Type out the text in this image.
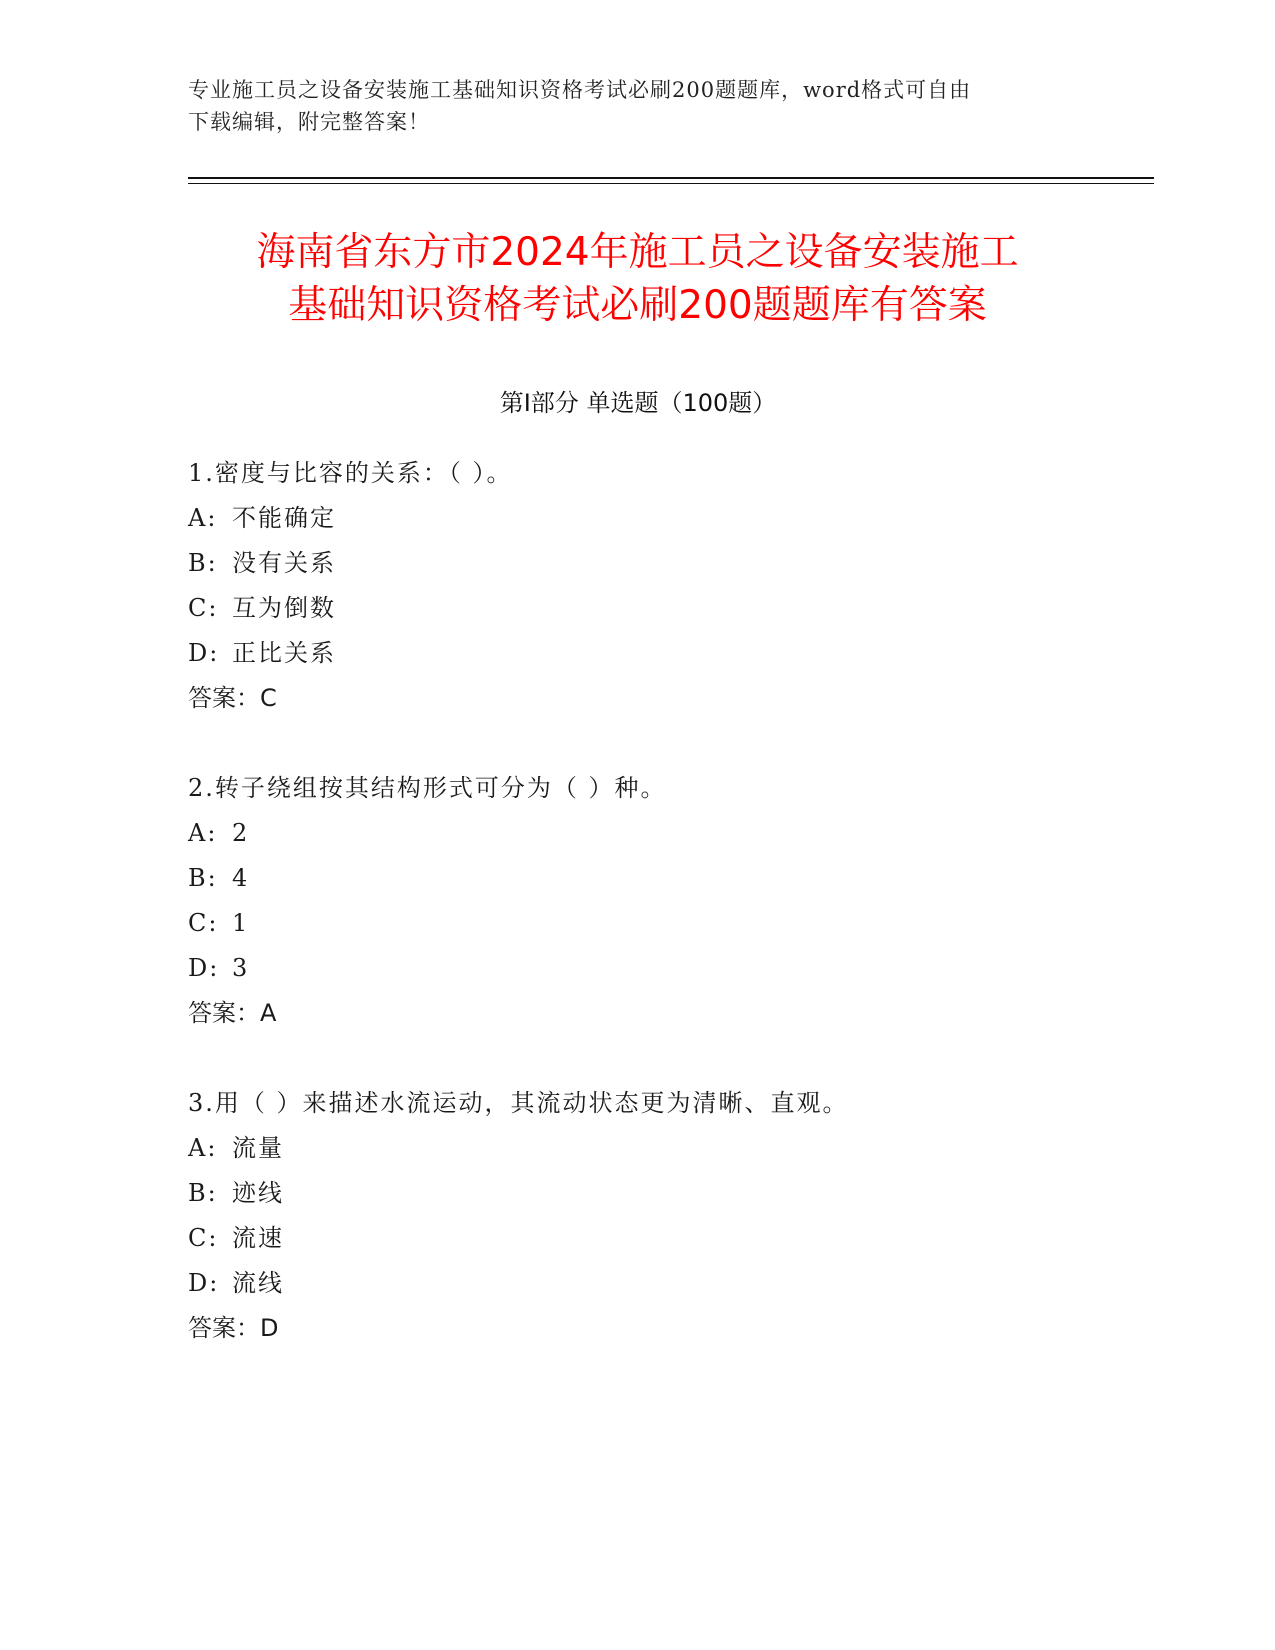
专业施工员之设备安装施工基础知识资格考试必刷200题题库，word格式可自由
下载编辑，附完整答案！
海南省东方市2024年施工员之设备安装施工
基础知识资格考试必刷200题题库有答案
第Ⅰ部分 单选题（100题）
1.密度与比容的关系：（ ）。
A: 不能确定
B: 没有关系
C: 互为倒数
D: 正比关系
答案：C
2.转子绕组按其结构形式可分为（ ）种。
A: 2
B: 4
C: 1
D: 3
答案：A
3.用（ ）来描述水流运动，其流动状态更为清晰、直观。
A: 流量
B: 迹线
C: 流速
D: 流线
答案：D
